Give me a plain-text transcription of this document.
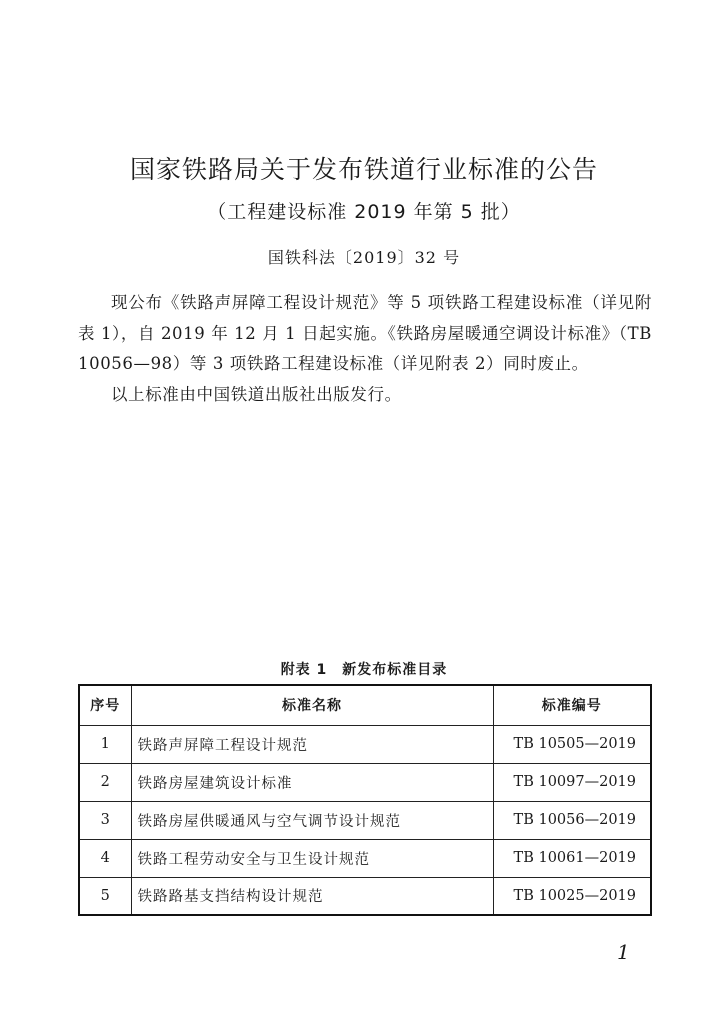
国家铁路局关于发布铁道行业标准的公告
（工程建设标准 2019 年第 5 批）
国铁科法〔2019〕32 号

现公布《铁路声屏障工程设计规范》等 5 项铁路工程建设标准（详见附表 1），自 2019 年 12 月 1 日起实施。《铁路房屋暖通空调设计标准》（TB 10056—98）等 3 项铁路工程建设标准（详见附表 2）同时废止。

以上标准由中国铁道出版社出版发行。

附表 1　新发布标准目录
序号	标准名称	标准编号
1	铁路声屏障工程设计规范	TB 10505—2019
2	铁路房屋建筑设计标准	TB 10097—2019
3	铁路房屋供暖通风与空气调节设计规范	TB 10056—2019
4	铁路工程劳动安全与卫生设计规范	TB 10061—2019
5	铁路路基支挡结构设计规范	TB 10025—2019
1
